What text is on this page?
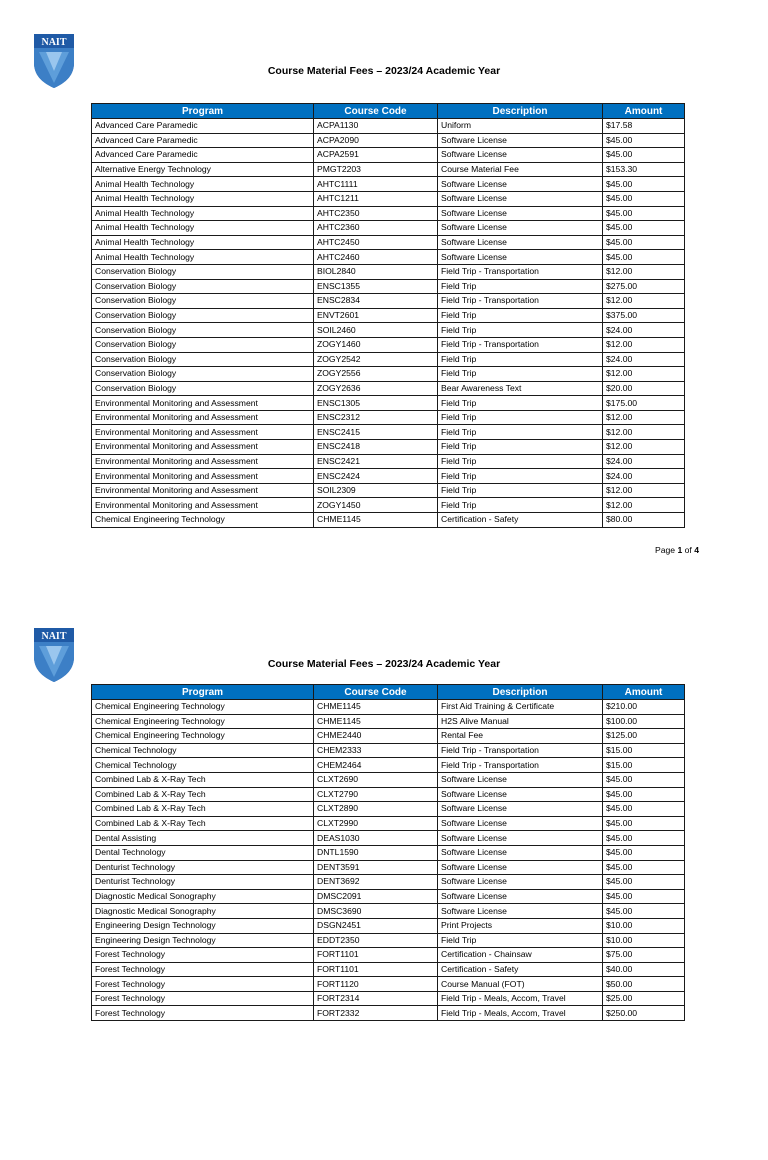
NAIT
Course Material Fees – 2023/24 Academic Year
Program	Course Code	Description	Amount
Advanced Care Paramedic	ACPA1130	Uniform	$17.58
Advanced Care Paramedic	ACPA2090	Software License	$45.00
Advanced Care Paramedic	ACPA2591	Software License	$45.00
Alternative Energy Technology	PMGT2203	Course Material Fee	$153.30
Animal Health Technology	AHTC1111	Software License	$45.00
Animal Health Technology	AHTC1211	Software License	$45.00
Animal Health Technology	AHTC2350	Software License	$45.00
Animal Health Technology	AHTC2360	Software License	$45.00
Animal Health Technology	AHTC2450	Software License	$45.00
Animal Health Technology	AHTC2460	Software License	$45.00
Conservation Biology	BIOL2840	Field Trip - Transportation	$12.00
Conservation Biology	ENSC1355	Field Trip	$275.00
Conservation Biology	ENSC2834	Field Trip - Transportation	$12.00
Conservation Biology	ENVT2601	Field Trip	$375.00
Conservation Biology	SOIL2460	Field Trip	$24.00
Conservation Biology	ZOGY1460	Field Trip - Transportation	$12.00
Conservation Biology	ZOGY2542	Field Trip	$24.00
Conservation Biology	ZOGY2556	Field Trip	$12.00
Conservation Biology	ZOGY2636	Bear Awareness Text	$20.00
Environmental Monitoring and Assessment	ENSC1305	Field Trip	$175.00
Environmental Monitoring and Assessment	ENSC2312	Field Trip	$12.00
Environmental Monitoring and Assessment	ENSC2415	Field Trip	$12.00
Environmental Monitoring and Assessment	ENSC2418	Field Trip	$12.00
Environmental Monitoring and Assessment	ENSC2421	Field Trip	$24.00
Environmental Monitoring and Assessment	ENSC2424	Field Trip	$24.00
Environmental Monitoring and Assessment	SOIL2309	Field Trip	$12.00
Environmental Monitoring and Assessment	ZOGY1450	Field Trip	$12.00
Chemical Engineering Technology	CHME1145	Certification - Safety	$80.00
Page 1 of 4
NAIT
Course Material Fees – 2023/24 Academic Year
Program	Course Code	Description	Amount
Chemical Engineering Technology	CHME1145	First Aid Training & Certificate	$210.00
Chemical Engineering Technology	CHME1145	H2S Alive Manual	$100.00
Chemical Engineering Technology	CHME2440	Rental Fee	$125.00
Chemical Technology	CHEM2333	Field Trip - Transportation	$15.00
Chemical Technology	CHEM2464	Field Trip - Transportation	$15.00
Combined Lab & X-Ray Tech	CLXT2690	Software License	$45.00
Combined Lab & X-Ray Tech	CLXT2790	Software License	$45.00
Combined Lab & X-Ray Tech	CLXT2890	Software License	$45.00
Combined Lab & X-Ray Tech	CLXT2990	Software License	$45.00
Dental Assisting	DEAS1030	Software License	$45.00
Dental Technology	DNTL1590	Software License	$45.00
Denturist Technology	DENT3591	Software License	$45.00
Denturist Technology	DENT3692	Software License	$45.00
Diagnostic Medical Sonography	DMSC2091	Software License	$45.00
Diagnostic Medical Sonography	DMSC3690	Software License	$45.00
Engineering Design Technology	DSGN2451	Print Projects	$10.00
Engineering Design Technology	EDDT2350	Field Trip	$10.00
Forest Technology	FORT1101	Certification - Chainsaw	$75.00
Forest Technology	FORT1101	Certification - Safety	$40.00
Forest Technology	FORT1120	Course Manual (FOT)	$50.00
Forest Technology	FORT2314	Field Trip - Meals, Accom, Travel	$25.00
Forest Technology	FORT2332	Field Trip - Meals, Accom, Travel	$250.00
